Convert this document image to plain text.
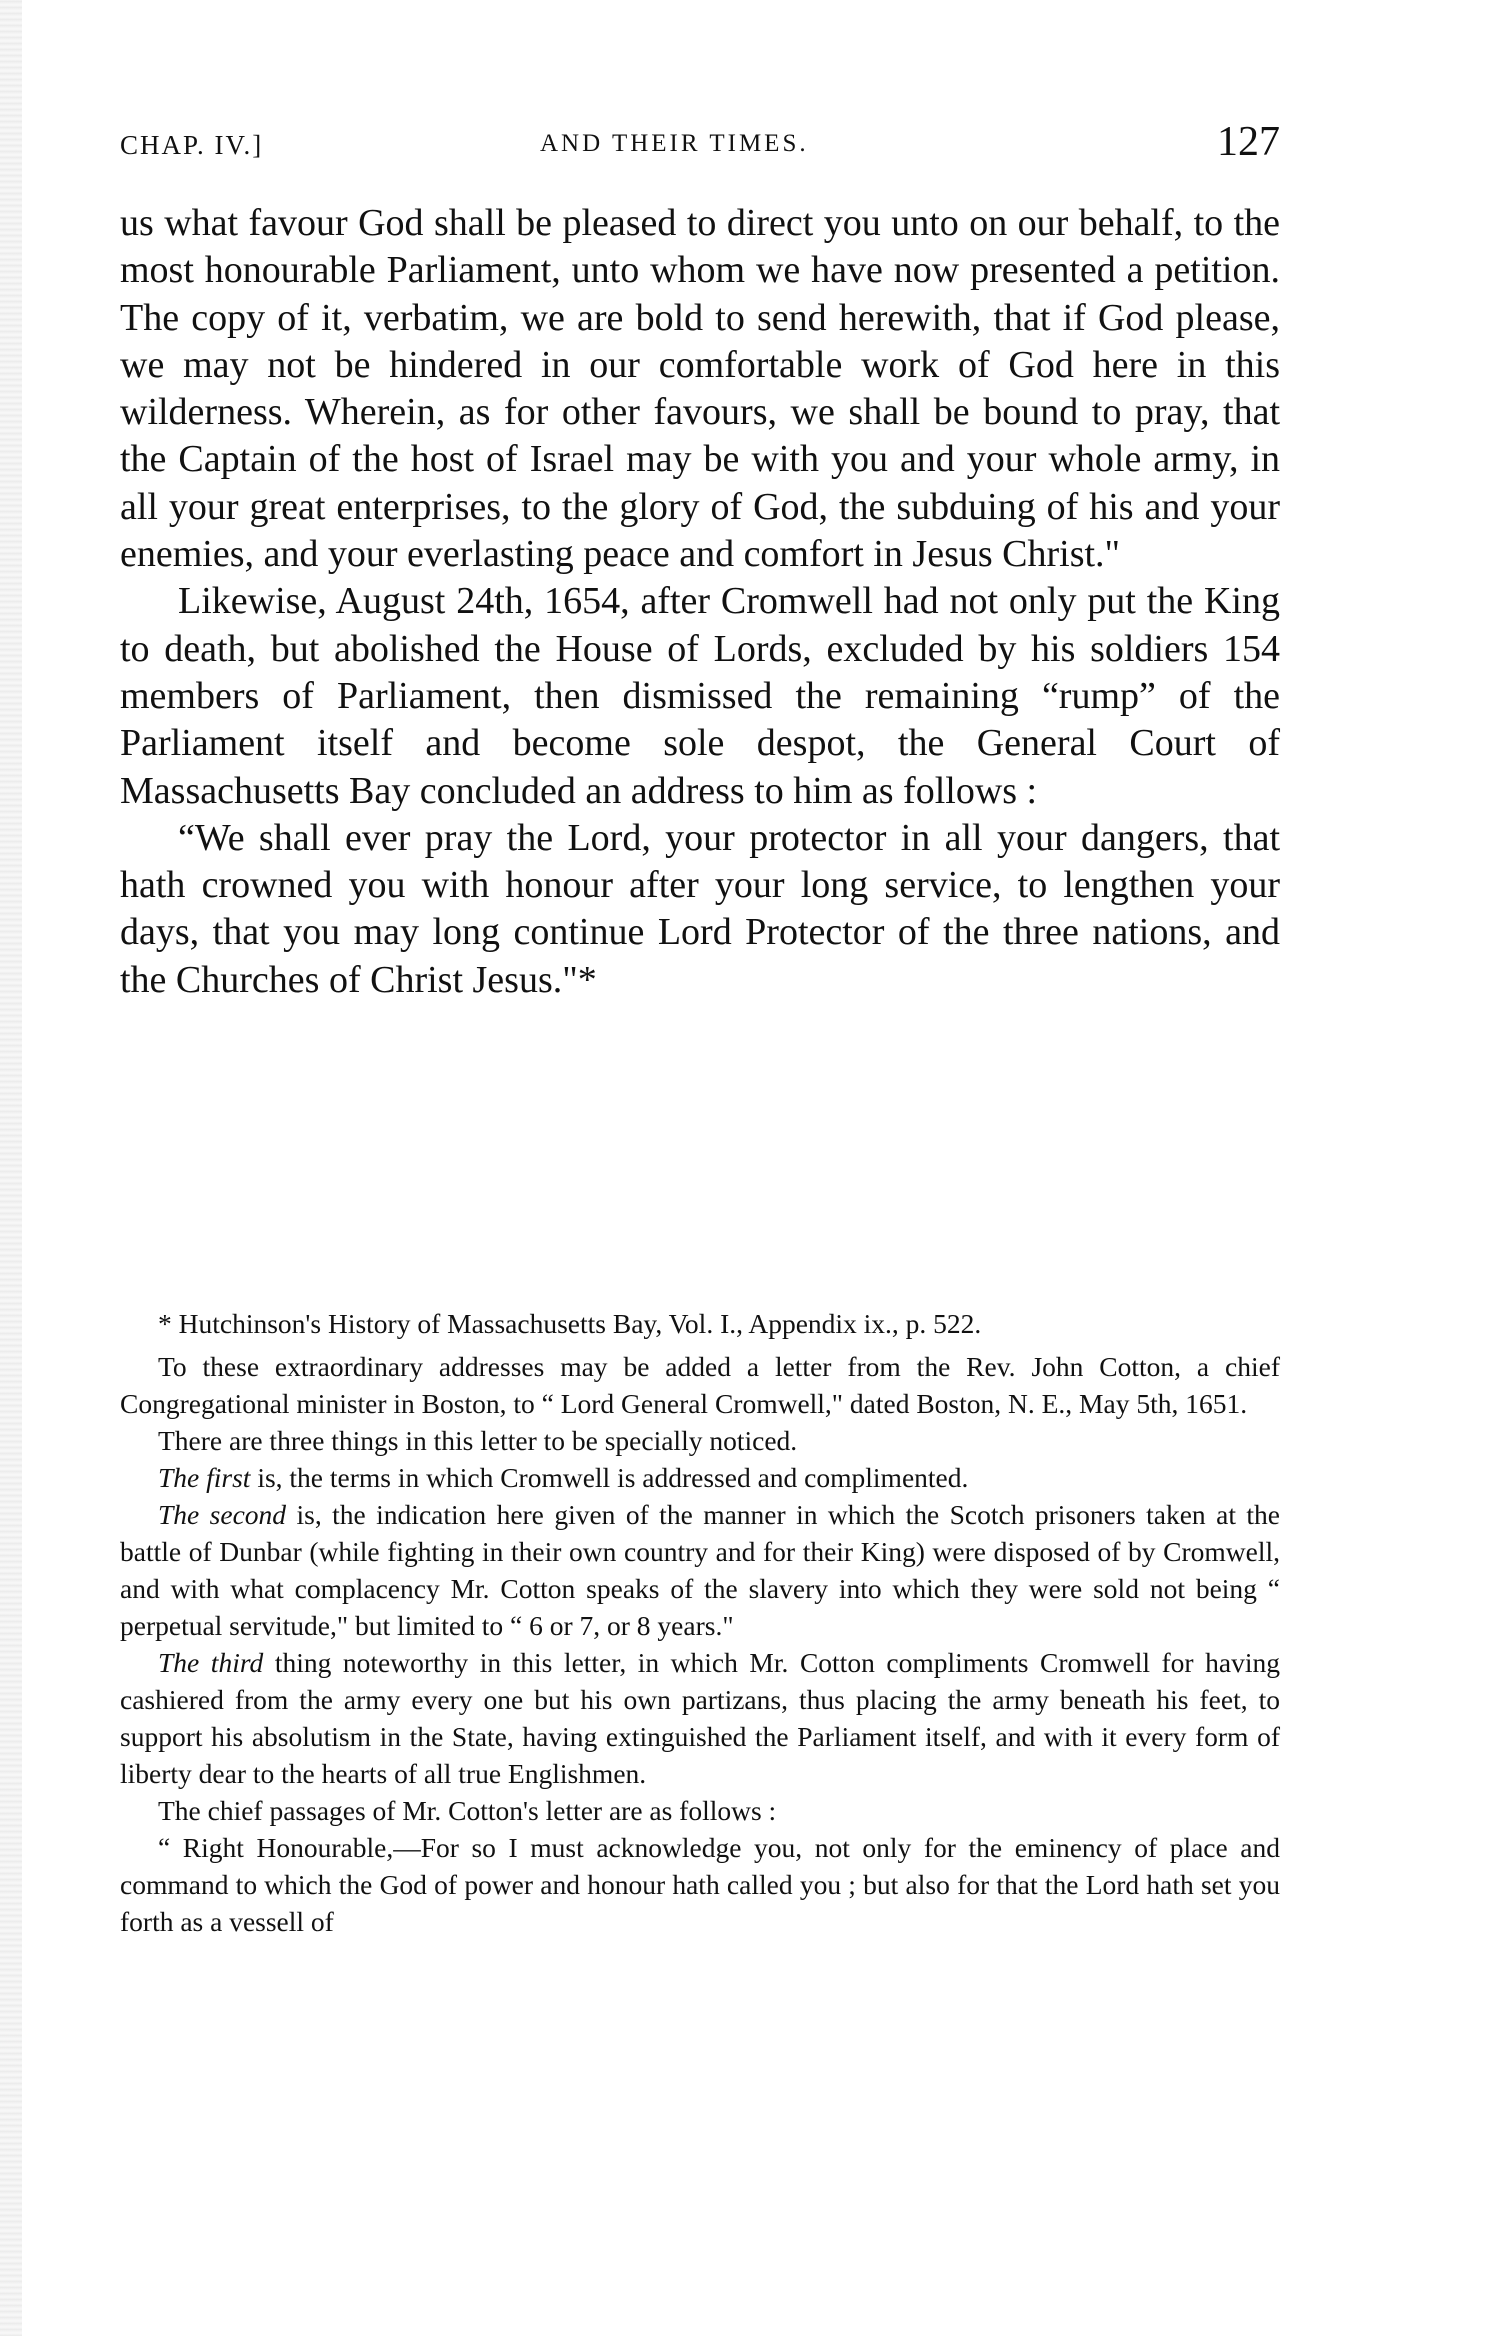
CHAP. IV.]	AND THEIR TIMES.	127

us what favour God shall be pleased to direct you unto on our behalf, to the most honourable Parliament, unto whom we have now presented a petition. The copy of it, verbatim, we are bold to send herewith, that if God please, we may not be hindered in our comfortable work of God here in this wilderness. Wherein, as for other favours, we shall be bound to pray, that the Captain of the host of Israel may be with you and your whole army, in all your great enterprises, to the glory of God, the subduing of his and your enemies, and your everlasting peace and comfort in Jesus Christ."

Likewise, August 24th, 1654, after Cromwell had not only put the King to death, but abolished the House of Lords, excluded by his soldiers 154 members of Parliament, then dismissed the remaining “rump” of the Parliament itself and become sole despot, the General Court of Massachusetts Bay concluded an address to him as follows :

“We shall ever pray the Lord, your protector in all your dangers, that hath crowned you with honour after your long service, to lengthen your days, that you may long continue Lord Protector of the three nations, and the Churches of Christ Jesus."*

* Hutchinson's History of Massachusetts Bay, Vol. I., Appendix ix., p. 522.

To these extraordinary addresses may be added a letter from the Rev. John Cotton, a chief Congregational minister in Boston, to “ Lord General Cromwell," dated Boston, N. E., May 5th, 1651.

There are three things in this letter to be specially noticed.

The first is, the terms in which Cromwell is addressed and complimented.

The second is, the indication here given of the manner in which the Scotch prisoners taken at the battle of Dunbar (while fighting in their own country and for their King) were disposed of by Cromwell, and with what complacency Mr. Cotton speaks of the slavery into which they were sold not being “ perpetual servitude," but limited to “ 6 or 7, or 8 years."

The third thing noteworthy in this letter, in which Mr. Cotton compliments Cromwell for having cashiered from the army every one but his own partizans, thus placing the army beneath his feet, to support his absolutism in the State, having extinguished the Parliament itself, and with it every form of liberty dear to the hearts of all true Englishmen.

The chief passages of Mr. Cotton's letter are as follows :

“ Right Honourable,—For so I must acknowledge you, not only for the eminency of place and command to which the God of power and honour hath called you ; but also for that the Lord hath set you forth as a vessell of
